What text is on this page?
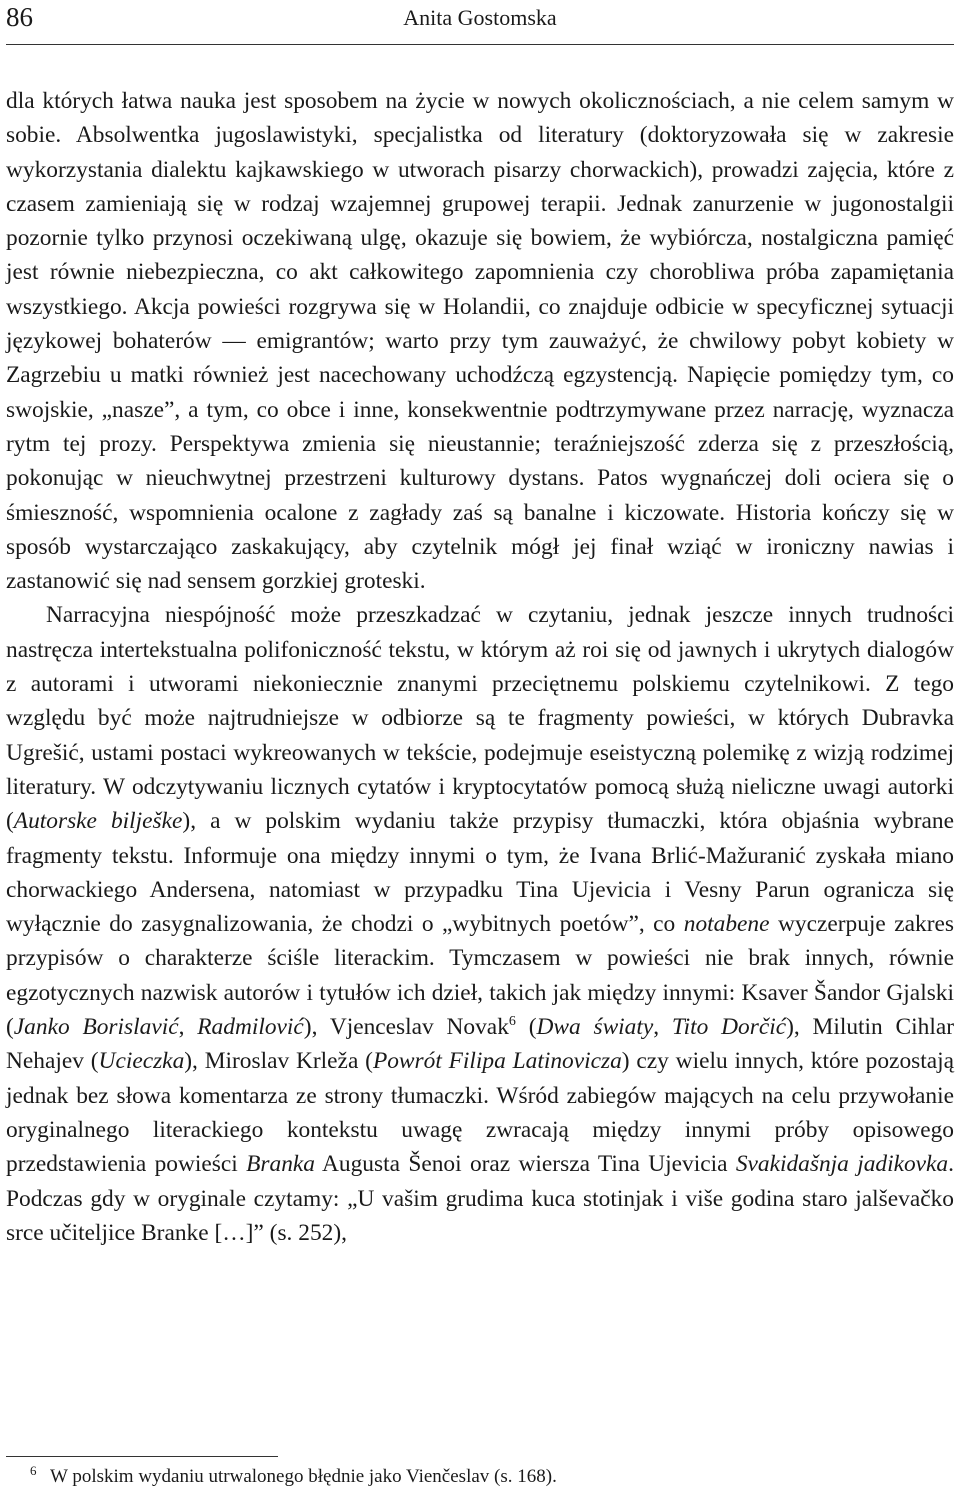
86	Anita Gostomska

dla których łatwa nauka jest sposobem na życie w nowych okolicznościach, a nie celem samym w sobie. Absolwentka jugoslawistyki, specjalistka od literatury (doktoryzowała się w zakresie wykorzystania dialektu kajkawskiego w utworach pisarzy chorwackich), prowadzi zajęcia, które z czasem zamieniają się w rodzaj wzajemnej grupowej terapii. Jednak zanurzenie w jugonostalgii pozornie tylko przynosi oczekiwaną ulgę, okazuje się bowiem, że wybiórcza, nostalgiczna pamięć jest równie niebezpieczna, co akt całkowitego zapomnienia czy chorobliwa próba zapamiętania wszystkiego. Akcja powieści rozgrywa się w Holandii, co znajduje odbicie w specyficznej sytuacji językowej bohaterów — emigrantów; warto przy tym zauważyć, że chwilowy pobyt kobiety w Zagrzebiu u matki również jest nacechowany uchodźczą egzystencją. Napięcie pomiędzy tym, co swojskie, „nasze”, a tym, co obce i inne, konsekwentnie podtrzymywane przez narrację, wyznacza rytm tej prozy. Perspektywa zmienia się nieustannie; teraźniejszość zderza się z przeszłością, pokonując w nieuchwytnej przestrzeni kulturowy dystans. Patos wygnańczej doli ociera się o śmieszność, wspomnienia ocalone z zagłady zaś są banalne i kiczowate. Historia kończy się w sposób wystarczająco zaskakujący, aby czytelnik mógł jej finał wziąć w ironiczny nawias i zastanowić się nad sensem gorzkiej groteski.

Narracyjna niespójność może przeszkadzać w czytaniu, jednak jeszcze innych trudności nastręcza intertekstualna polifoniczność tekstu, w którym aż roi się od jawnych i ukrytych dialogów z autorami i utworami niekoniecznie znanymi przeciętnemu polskiemu czytelnikowi. Z tego względu być może najtrudniejsze w odbiorze są te fragmenty powieści, w których Dubravka Ugrešić, ustami postaci wykreowanych w tekście, podejmuje eseistyczną polemikę z wizją rodzimej literatury. W odczytywaniu licznych cytatów i kryptocytatów pomocą służą nieliczne uwagi autorki (Autorske bilješke), a w polskim wydaniu także przypisy tłumaczki, która objaśnia wybrane fragmenty tekstu. Informuje ona między innymi o tym, że Ivana Brlić-Mažuranić zyskała miano chorwackiego Andersena, natomiast w przypadku Tina Ujevicia i Vesny Parun ogranicza się wyłącznie do zasygnalizowania, że chodzi o „wybitnych poetów”, co notabene wyczerpuje zakres przypisów o charakterze ściśle literackim. Tymczasem w powieści nie brak innych, równie egzotycznych nazwisk autorów i tytułów ich dzieł, takich jak między innymi: Ksaver Šandor Gjalski (Janko Borislavić, Radmilović), Vjenceslav Novak$^6$ (Dwa światy, Tito Dorčić), Milutin Cihlar Nehajev (Ucieczka), Miroslav Krleža (Powrót Filipa Latinovicza) czy wielu innych, które pozostają jednak bez słowa komentarza ze strony tłumaczki. Wśród zabiegów mających na celu przywołanie oryginalnego literackiego kontekstu uwagę zwracają między innymi próby opisowego przedstawienia powieści Branka Augusta Šenoi oraz wiersza Tina Ujevicia Svakidašnja jadikovka. Podczas gdy w oryginale czytamy: „U vašim grudima kuca stotinjak i više godina staro jalševačko srce učiteljice Branke […]” (s. 252),

6 W polskim wydaniu utrwalonego błędnie jako Vienčeslav (s. 168).
